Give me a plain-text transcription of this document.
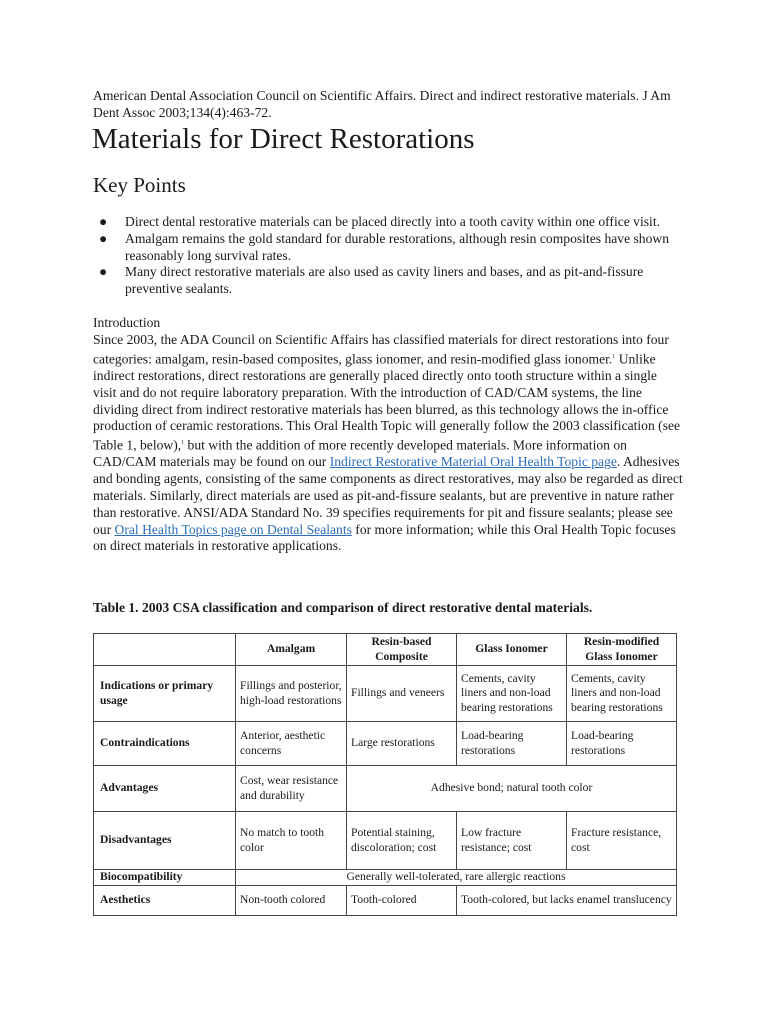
American Dental Association Council on Scientific Affairs. Direct and indirect restorative materials. J Am Dent Assoc 2003;134(4):463-72.
Materials for Direct Restorations
Key Points
● Direct dental restorative materials can be placed directly into a tooth cavity within one office visit.
● Amalgam remains the gold standard for durable restorations, although resin composites have shown reasonably long survival rates.
● Many direct restorative materials are also used as cavity liners and bases, and as pit-and-fissure preventive sealants.

Introduction

Since 2003, the ADA Council on Scientific Affairs has classified materials for direct restorations into four categories: amalgam, resin-based composites, glass ionomer, and resin-modified glass ionomer.$^1$ Unlike indirect restorations, direct restorations are generally placed directly onto tooth structure within a single visit and do not require laboratory preparation. With the introduction of CAD/CAM systems, the line dividing direct from indirect restorative materials has been blurred, as this technology allows the in-office production of ceramic restorations. This Oral Health Topic will generally follow the 2003 classification (see Table 1, below),$^1$ but with the addition of more recently developed materials. More information on CAD/CAM materials may be found on our Indirect Restorative Material Oral Health Topic page. Adhesives and bonding agents, consisting of the same components as direct restoratives, may also be regarded as direct materials. Similarly, direct materials are used as pit-and-fissure sealants, but are preventive in nature rather than restorative. ANSI/ADA Standard No. 39 specifies requirements for pit and fissure sealants; please see our Oral Health Topics page on Dental Sealants for more information; while this Oral Health Topic focuses on direct materials in restorative applications.

Table 1. 2003 CSA classification and comparison of direct restorative dental materials.
	Amalgam	Resin-based Composite	Glass Ionomer	Resin-modified Glass Ionomer
Indications or primary usage	Fillings and posterior, high-load restorations	Fillings and veneers	Cements, cavity liners and non-load bearing restorations	Cements, cavity liners and non-load bearing restorations
Contraindications	Anterior, aesthetic concerns	Large restorations	Load-bearing restorations	Load-bearing restorations
Advantages	Cost, wear resistance and durability	Adhesive bond; natural tooth color		
Disadvantages	No match to tooth color	Potential staining, discoloration; cost	Low fracture resistance; cost	Fracture resistance, cost
Biocompatibility	Generally well-tolerated, rare allergic reactions			
Aesthetics	Non-tooth colored	Tooth-colored	Tooth-colored, but lacks enamel translucency	
